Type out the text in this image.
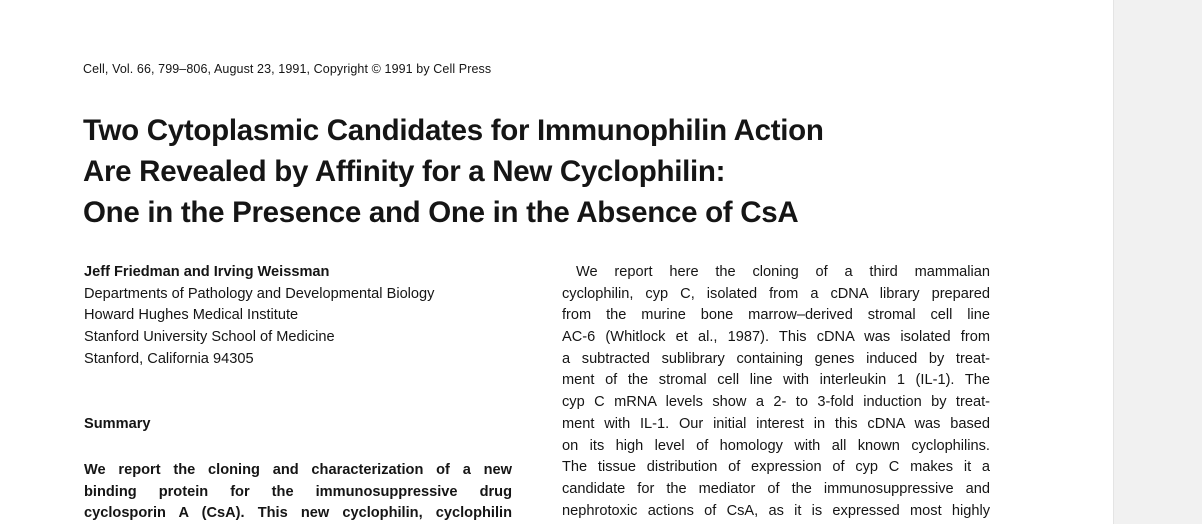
Cell, Vol. 66, 799–806, August 23, 1991, Copyright © 1991 by Cell Press
Two Cytoplasmic Candidates for Immunophilin Action
Are Revealed by Affinity for a New Cyclophilin:
One in the Presence and One in the Absence of CsA
Jeff Friedman and Irving Weissman
Departments of Pathology and Developmental Biology
Howard Hughes Medical Institute
Stanford University School of Medicine
Stanford, California 94305
Summary
We report the cloning and characterization of a new
binding protein for the immunosuppressive drug
cyclosporin A (CsA). This new cyclophilin, cyclophilin
We report here the cloning of a third mammalian
cyclophilin, cyp C, isolated from a cDNA library prepared
from the murine bone marrow–derived stromal cell line
AC-6 (Whitlock et al., 1987). This cDNA was isolated from
a subtracted sublibrary containing genes induced by treat-
ment of the stromal cell line with interleukin 1 (IL-1). The
cyp C mRNA levels show a 2- to 3-fold induction by treat-
ment with IL-1. Our initial interest in this cDNA was based
on its high level of homology with all known cyclophilins.
The tissue distribution of expression of cyp C makes it a
candidate for the mediator of the immunosuppressive and
nephrotoxic actions of CsA, as it is expressed most highly
